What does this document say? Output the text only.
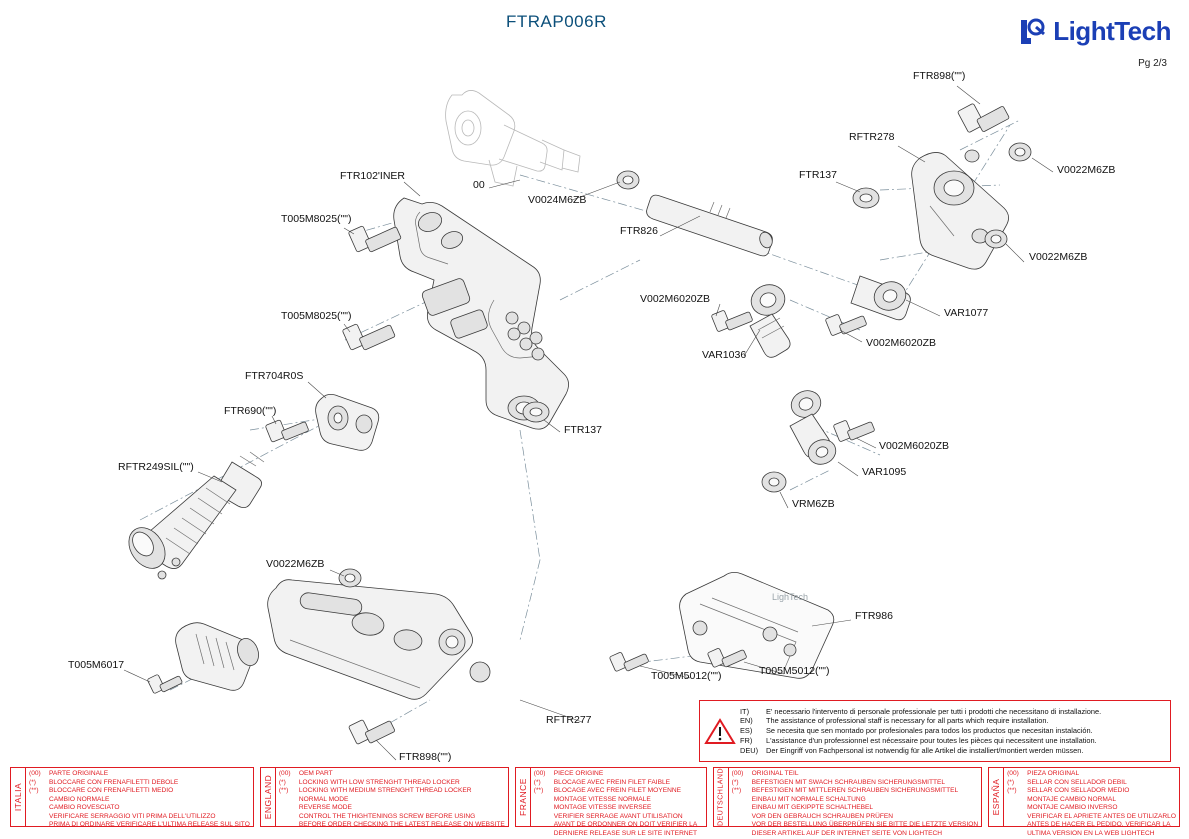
FTRAP006R	LightTech
Pg 2/3
LighTech
FTR898("")
RFTR278
V0022M6ZB
FTR137
FTR102'INER
00
V0024M6ZB
T005M8025("")
FTR826
V0022M6ZB
V002M6020ZB
VAR1077
T005M8025("")
V002M6020ZB
VAR1036
FTR704R0S
FTR690("")
FTR137
V002M6020ZB
VAR1095
RFTR249SIL("")
VRM6ZB
V0022M6ZB
FTR986
T005M6017
T005M5012("")	T005M5012("")
RFTR277
FTR898("")
IT) E' necessario l'intervento di personale professionale per tutti i prodotti che necessitano di installazione.
EN) The assistance of professional staff is necessary for all parts which require installation.
ES) Se necesita que sen montado por profesionales para todos los productos que necesitan instalación.
FR) L'assistance d'un professionnel est nécessaire pour toutes les pièces qui necessitent une installation.
DEU) Der Eingriff von Fachpersonal ist notwendig für alle Artikel die installiert/montiert werden müssen.
ITALIA
(00) PARTE ORIGINALE
(*) BLOCCARE CON FRENAFILETTI DEBOLE
(**) BLOCCARE CON FRENAFILETTI MEDIO
CAMBIO NORMALE
CAMBIO ROVESCIATO
VERIFICARE SERRAGGIO VITI PRIMA DELL'UTILIZZO
PRIMA DI ORDINARE VERIFICARE L'ULTIMA RELEASE SUL SITO
ENGLAND
(00) OEM PART
(*) LOCKING WITH LOW STRENGHT THREAD LOCKER
(**) LOCKING WITH MEDIUM STRENGHT THREAD LOCKER
NORMAL MODE
REVERSE MODE
CONTROL THE THIGHTENINGS SCREW BEFORE USING
BEFORE ORDER CHECKING THE LATEST RELEASE ON WEBSITE
FRANCE
(00) PIECE ORIGINE
(*) BLOCAGE AVEC FREIN FILET FAIBLE
(**) BLOCAGE AVEC FREIN FILET MOYENNE
MONTAGE VITESSE NORMALE
MONTAGE VITESSE INVERSEE
VERIFIER SERRAGE AVANT UTILISATION
AVANT DE ORDONNER ON DOIT VERIFIER LA
DERNIERE RELEASE SUR LE SITE INTERNET
DEUTSCHLAND (00) ORIGINAL TEIL
(*) BEFESTIGEN MIT SWACH SCHRAUBEN SICHERUNGSMITTEL
(**) BEFESTIGEN MIT MITTLEREN SCHRAUBEN SICHERUNGSMITTEL
EINBAU MIT NORMALE SCHALTUNG
EINBAU MIT GEKIPPTE SCHALTHEBEL
VOR DEN GEBRAUCH SCHRAUBEN PRÜFEN
VOR DER BESTELLUNG ÜBERPRÜFEN SIE BITTE DIE LETZTE VERSION
DIESER ARTIKEL AUF DER INTERNET SEITE VON LIGHTECH
ESPAÑA
(00) PIEZA ORIGINAL
(*) SELLAR CON SELLADOR DEBIL
(**) SELLAR CON SELLADOR MEDIO
MONTAJE CAMBIO NORMAL
MONTAJE CAMBIO INVERSO
VERIFICAR EL APRIETE ANTES DE UTILIZARLO
ANTES DE HACER EL PEDIDO, VERIFICAR LA
ULTIMA VERSION EN LA WEB LIGHTECH
